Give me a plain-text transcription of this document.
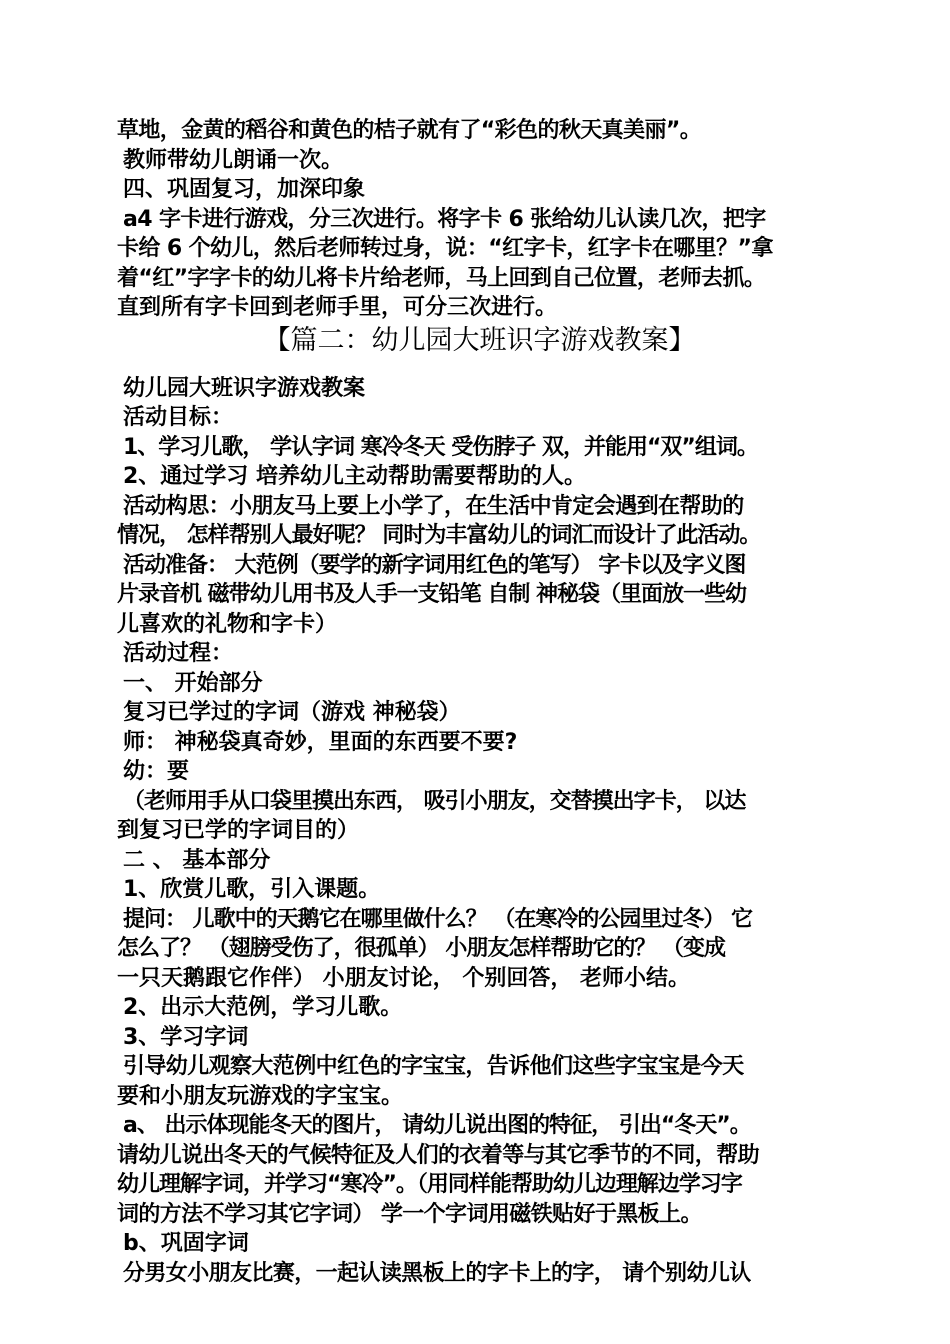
草地，金黄的稻谷和黄色的桔子就有了“彩色的秋天真美丽”。
教师带幼儿朗诵一次。
四、巩固复习，加深印象
a4 字卡进行游戏，分三次进行。将字卡 6 张给幼儿认读几次，把字
卡给 6 个幼儿，然后老师转过身，说：“红字卡，红字卡在哪里？”拿
着“红”字字卡的幼儿将卡片给老师，马上回到自己位置，老师去抓。
直到所有字卡回到老师手里，可分三次进行。
【篇二：幼儿园大班识字游戏教案】
幼儿园大班识字游戏教案
活动目标：
1、学习儿歌， 学认字词 寒冷冬天 受伤脖子 双，并能用“双”组词。
2、通过学习 培养幼儿主动帮助需要帮助的人。
活动构思：小朋友马上要上小学了，在生活中肯定会遇到在帮助的
情况， 怎样帮别人最好呢？ 同时为丰富幼儿的词汇而设计了此活动。
活动准备： 大范例（要学的新字词用红色的笔写） 字卡以及字义图
片录音机 磁带幼儿用书及人手一支铅笔 自制 神秘袋（里面放一些幼
儿喜欢的礼物和字卡）
活动过程：
一、 开始部分
复习已学过的字词（游戏 神秘袋）
师： 神秘袋真奇妙，里面的东西要不要?
幼：要
（老师用手从口袋里摸出东西， 吸引小朋友，交替摸出字卡， 以达
到复习已学的字词目的）
二 、 基本部分
1、欣赏儿歌，引入课题。
提问： 儿歌中的天鹅它在哪里做什么？ （在寒冷的公园里过冬） 它
怎么了？ （翅膀受伤了，很孤单） 小朋友怎样帮助它的？ （变成
一只天鹅跟它作伴） 小朋友讨论， 个别回答， 老师小结。
2、出示大范例，学习儿歌。
3、学习字词
引导幼儿观察大范例中红色的字宝宝，告诉他们这些字宝宝是今天
要和小朋友玩游戏的字宝宝。
a、 出示体现能冬天的图片， 请幼儿说出图的特征， 引出“冬天”。
请幼儿说出冬天的气候特征及人们的衣着等与其它季节的不同，帮助
幼儿理解字词，并学习“寒冷”。（用同样能帮助幼儿边理解边学习字
词的方法不学习其它字词） 学一个字词用磁铁贴好于黑板上。
b、巩固字词
分男女小朋友比赛，一起认读黑板上的字卡上的字， 请个别幼儿认
